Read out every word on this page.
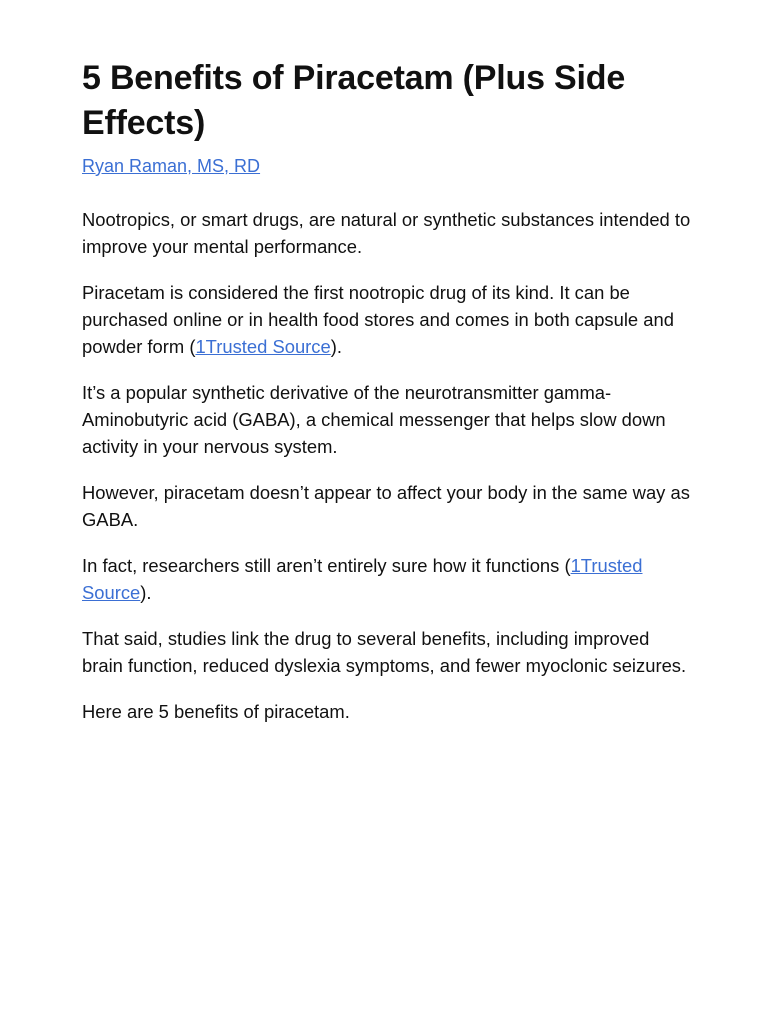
5 Benefits of Piracetam (Plus Side Effects)
Ryan Raman, MS, RD

Nootropics, or smart drugs, are natural or synthetic substances intended to improve your mental performance.

Piracetam is considered the first nootropic drug of its kind. It can be purchased online or in health food stores and comes in both capsule and powder form (1Trusted Source).

It’s a popular synthetic derivative of the neurotransmitter gamma-Aminobutyric acid (GABA), a chemical messenger that helps slow down activity in your nervous system.

However, piracetam doesn’t appear to affect your body in the same way as GABA.

In fact, researchers still aren’t entirely sure how it functions (1Trusted Source).

That said, studies link the drug to several benefits, including improved brain function, reduced dyslexia symptoms, and fewer myoclonic seizures.

Here are 5 benefits of piracetam.
